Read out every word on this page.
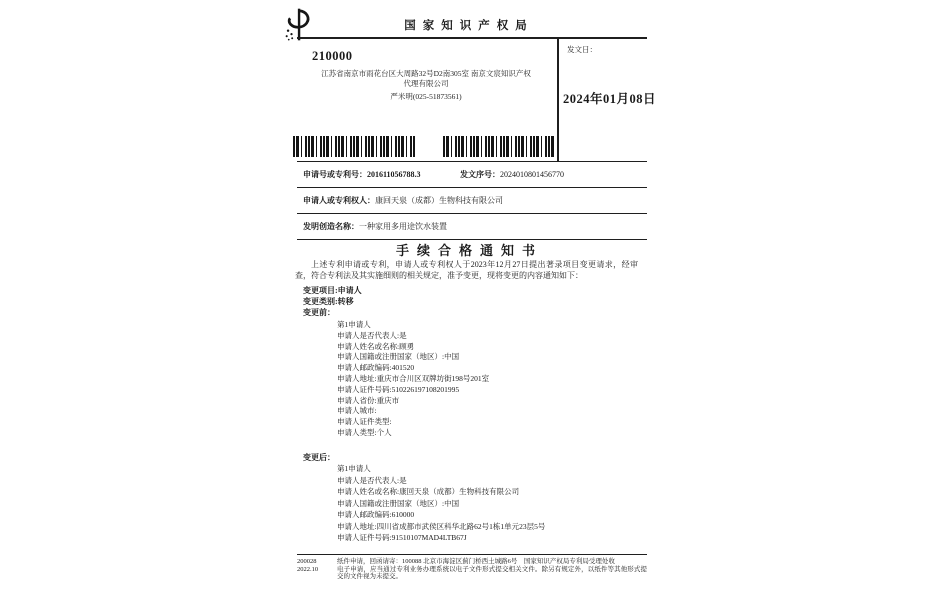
国家知识产权局
210000
江苏省南京市雨花台区大周路32号D2南305室 南京文宸知识产权
代理有限公司
严米明(025-51873561)
发文日：
2024年01月08日
申请号或专利号：201611056788.3	发文序号：2024010801456770
申请人或专利权人：康回天泉（成都）生物科技有限公司
发明创造名称：一种家用多用途饮水装置
手续合格通知书
上述专利申请或专利，申请人或专利权人于2023年12月27日提出著录项目变更请求，经审查，符合专利法及其实施细则的相关规定，准予变更，现将变更的内容通知如下：
变更项目:申请人
变更类别:转移
变更前：
第1申请人
申请人是否代表人:是
申请人姓名或名称:顾勇
申请人国籍或注册国家（地区）:中国
申请人邮政编码:401520
申请人地址:重庆市合川区双牌坊街198号201室
申请人证件号码:510226197108201995
申请人省份:重庆市
申请人城市:
申请人证件类型:
申请人类型:个人
变更后：
第1申请人
申请人是否代表人:是
申请人姓名或名称:康回天泉（成都）生物科技有限公司
申请人国籍或注册国家（地区）:中国
申请人邮政编码:610000
申请人地址:四川省成都市武侯区科华北路62号1栋1单元23层5号
申请人证件号码:91510107MAD4LTB67J
200028
2022.10
纸件申请，回函请寄：100088 北京市海淀区蓟门桥西土城路6号　国家知识产权局专利局受理处收
电子申请，应当通过专利业务办理系统以电子文件形式提交相关文件。除另有规定外，以纸件等其他形式提交的文件视为未提交。
